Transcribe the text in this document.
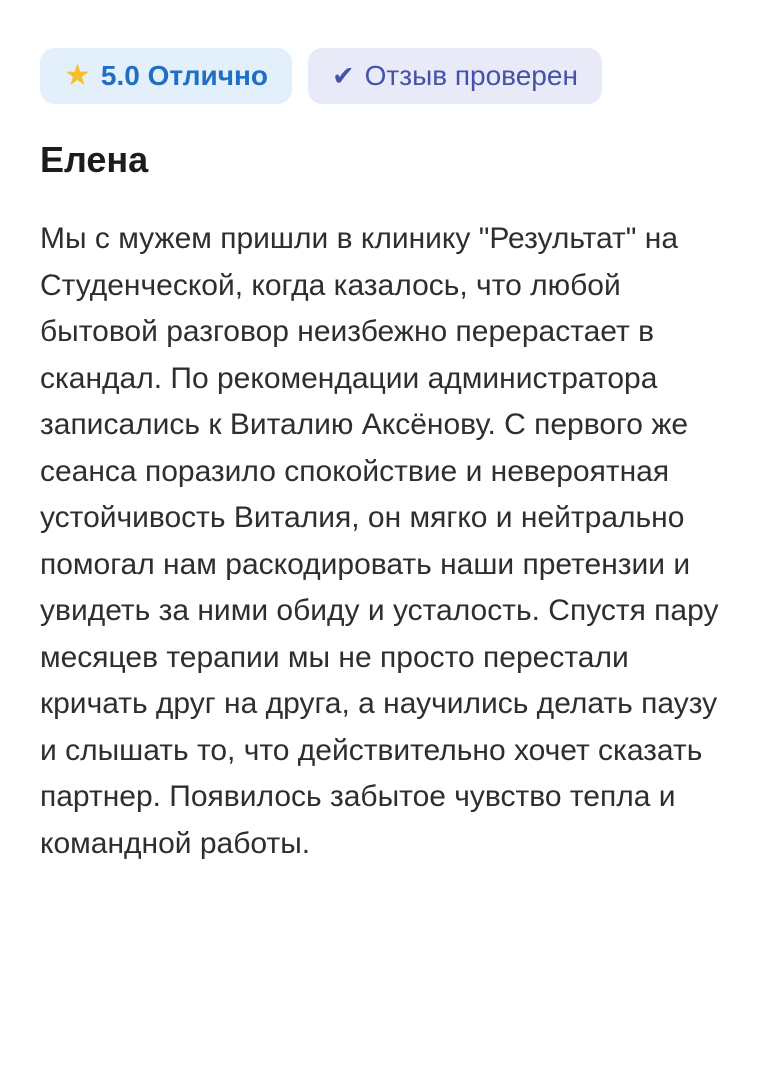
★ 5.0 Отлично ✔ Отзыв проверен
Елена

Мы с мужем пришли в клинику "Результат" на Студенческой, когда казалось, что любой бытовой разговор неизбежно перерастает в скандал. По рекомендации администратора записались к Виталию Аксёнову. С первого же сеанса поразило спокойствие и невероятная устойчивость Виталия, он мягко и нейтрально помогал нам раскодировать наши претензии и увидеть за ними обиду и усталость. Спустя пару месяцев терапии мы не просто перестали кричать друг на друга, а научились делать паузу и слышать то, что действительно хочет сказать партнер. Появилось забытое чувство тепла и командной работы.
